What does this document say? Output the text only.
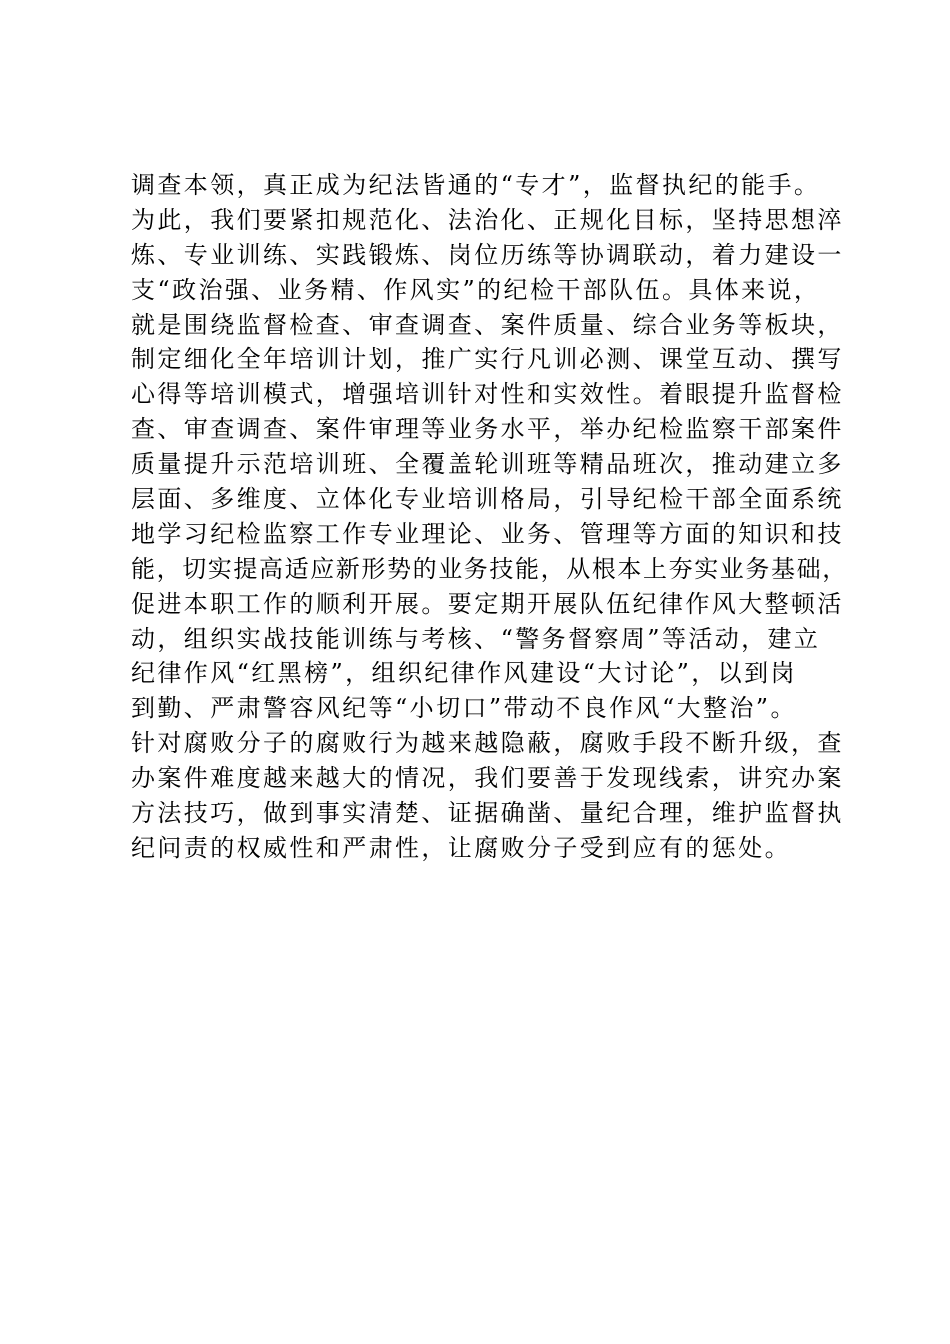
调查本领，真正成为纪法皆通的“专才”，监督执纪的能手。
为此，我们要紧扣规范化、法治化、正规化目标，坚持思想淬
炼、专业训练、实践锻炼、岗位历练等协调联动，着力建设一
支“政治强、业务精、作风实”的纪检干部队伍。具体来说，
就是围绕监督检查、审查调查、案件质量、综合业务等板块，
制定细化全年培训计划，推广实行凡训必测、课堂互动、撰写
心得等培训模式，增强培训针对性和实效性。着眼提升监督检
查、审查调查、案件审理等业务水平，举办纪检监察干部案件
质量提升示范培训班、全覆盖轮训班等精品班次，推动建立多
层面、多维度、立体化专业培训格局，引导纪检干部全面系统
地学习纪检监察工作专业理论、业务、管理等方面的知识和技
能，切实提高适应新形势的业务技能，从根本上夯实业务基础，
促进本职工作的顺利开展。要定期开展队伍纪律作风大整顿活
动，组织实战技能训练与考核、“警务督察周”等活动，建立
纪律作风“红黑榜”，组织纪律作风建设“大讨论”，以到岗
到勤、严肃警容风纪等“小切口”带动不良作风“大整治”。
针对腐败分子的腐败行为越来越隐蔽，腐败手段不断升级，查
办案件难度越来越大的情况，我们要善于发现线索，讲究办案
方法技巧，做到事实清楚、证据确凿、量纪合理，维护监督执
纪问责的权威性和严肃性，让腐败分子受到应有的惩处。
